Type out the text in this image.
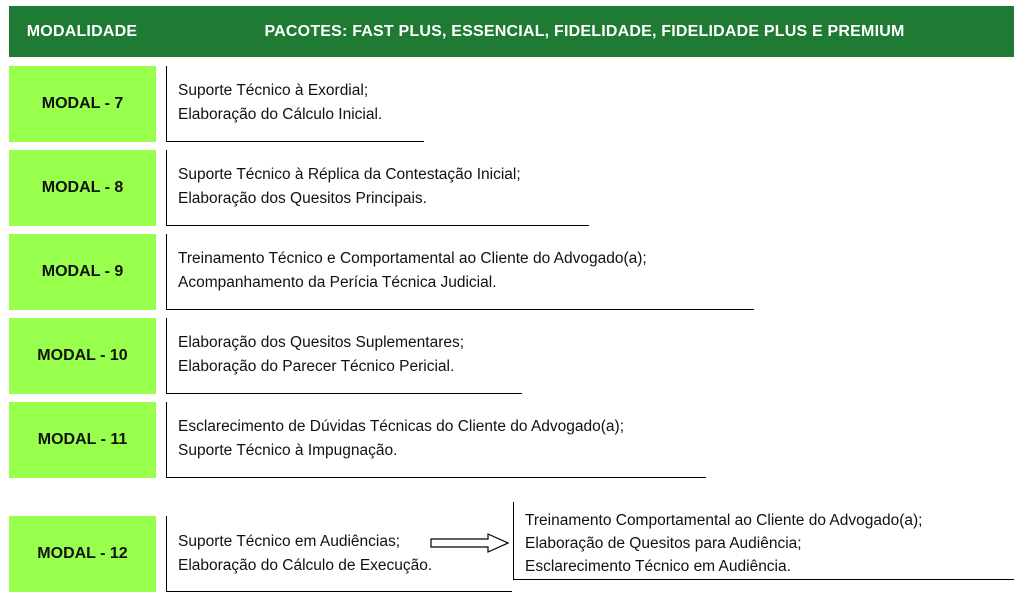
MODALIDADE	PACOTES: FAST PLUS, ESSENCIAL, FIDELIDADE, FIDELIDADE PLUS E PREMIUM
MODAL - 7
Suporte Técnico à Exordial;
Elaboração do Cálculo Inicial.
MODAL - 8
Suporte Técnico à Réplica da Contestação Inicial;
Elaboração dos Quesitos Principais.
MODAL - 9
Treinamento Técnico e Comportamental ao Cliente do Advogado(a);
Acompanhamento da Perícia Técnica Judicial.
MODAL - 10
Elaboração dos Quesitos Suplementares;
Elaboração do Parecer Técnico Pericial.
MODAL - 11
Esclarecimento de Dúvidas Técnicas do Cliente do Advogado(a);
Suporte Técnico à Impugnação.
MODAL - 12
Suporte Técnico em Audiências;
Elaboração do Cálculo de Execução.
Treinamento Comportamental ao Cliente do Advogado(a);
Elaboração de Quesitos para Audiência;
Esclarecimento Técnico em Audiência.
